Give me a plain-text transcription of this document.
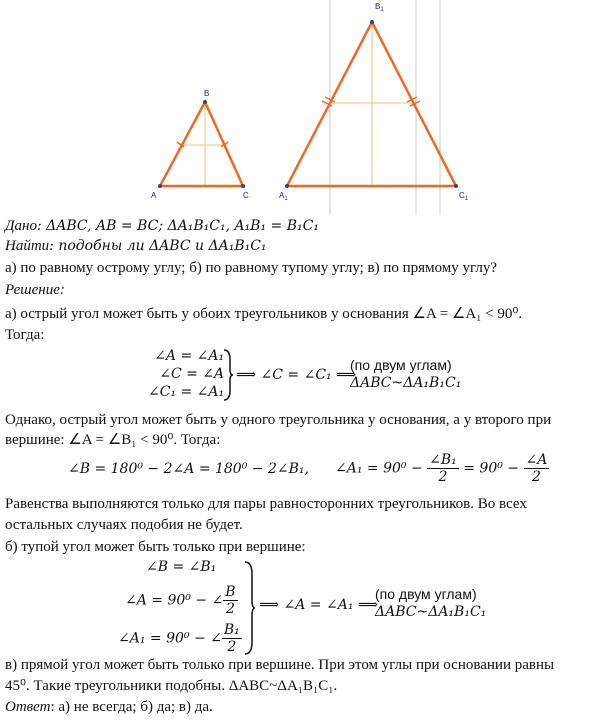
A
B
C	$A_1$
$B_1$
$C_1$
Дано: ΔABC, AB = BC; ΔA₁B₁C₁, A₁B₁ = B₁C₁
Найти: подобны ли ΔABC и ΔA₁B₁C₁
а) по равному острому углу; б) по равному тупому углу; в) по прямому углу?
Решение:
а) острый угол может быть у обоих треугольников у основания ∠A = ∠A₁ < 90⁰.
Тогда:
∠A = ∠A₁
∠C = ∠A
∠C₁ = ∠A₁
⟹ ∠C = ∠C₁ ⟹
(по двум углам)
ΔABC~ΔA₁B₁C₁
Однако, острый угол может быть у одного треугольника у основания, а у второго при
вершине: ∠A = ∠B₁ < 90⁰. Тогда:
∠B = 180⁰ − 2∠A = 180⁰ − 2∠B₁, ∠A₁ = $90^0 - \frac{\text{∠B₁}}{2} = 90^0 - \frac{\angle A}{2}$
Равенства выполняются только для пары равносторонних треугольников. Во всех
остальных случаях подобия не будет.
б) тупой угол может быть только при вершине:
∠B = ∠B₁
∠A = 90⁰ − ∠ $\frac{B}{2}$
∠A₁ = 90⁰ − ∠ $\frac{\text{B₁}}{2}$
⟹ ∠A = ∠A₁ ⟹
(по двум углам)
ΔABC~ΔA₁B₁C₁
в) прямой угол может быть только при вершине. При этом углы при основании равны
45⁰. Такие треугольники подобны. ΔABC~ΔA₁B₁C₁.
Ответ: а) не всегда; б) да; в) да.
